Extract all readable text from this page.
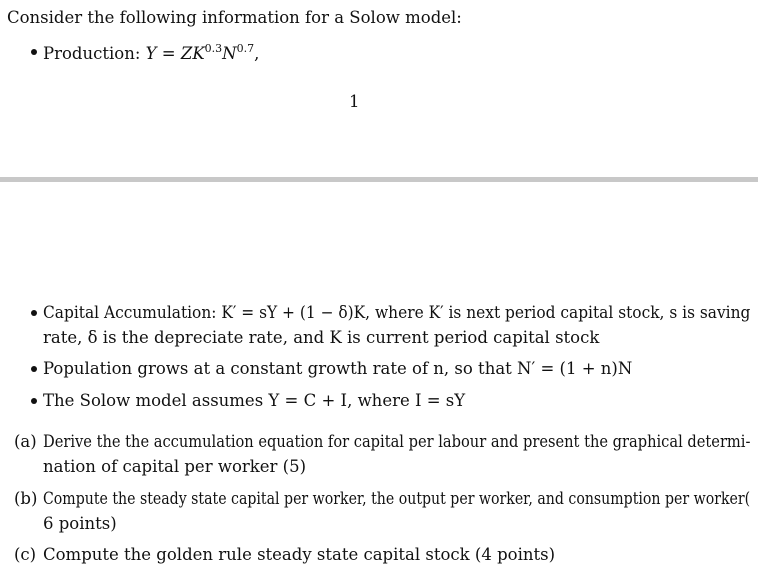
Consider the following information for a Solow model:
Production: $Y = ZK^{0.3}N^{0.7}$,
1
Capital Accumulation: K′ = sY + (1 − δ)K, where K′ is next period capital stock, s is saving
rate, δ is the depreciate rate, and K is current period capital stock
Population grows at a constant growth rate of n, so that N′ = (1 + n)N
The Solow model assumes Y = C + I, where I = sY
(a) Derive the the accumulation equation for capital per labour and present the graphical determi-
nation of capital per worker (5)
(b) Compute the steady state capital per worker, the output per worker, and consumption per worker(
6 points)
(c) Compute the golden rule steady state capital stock (4 points)
